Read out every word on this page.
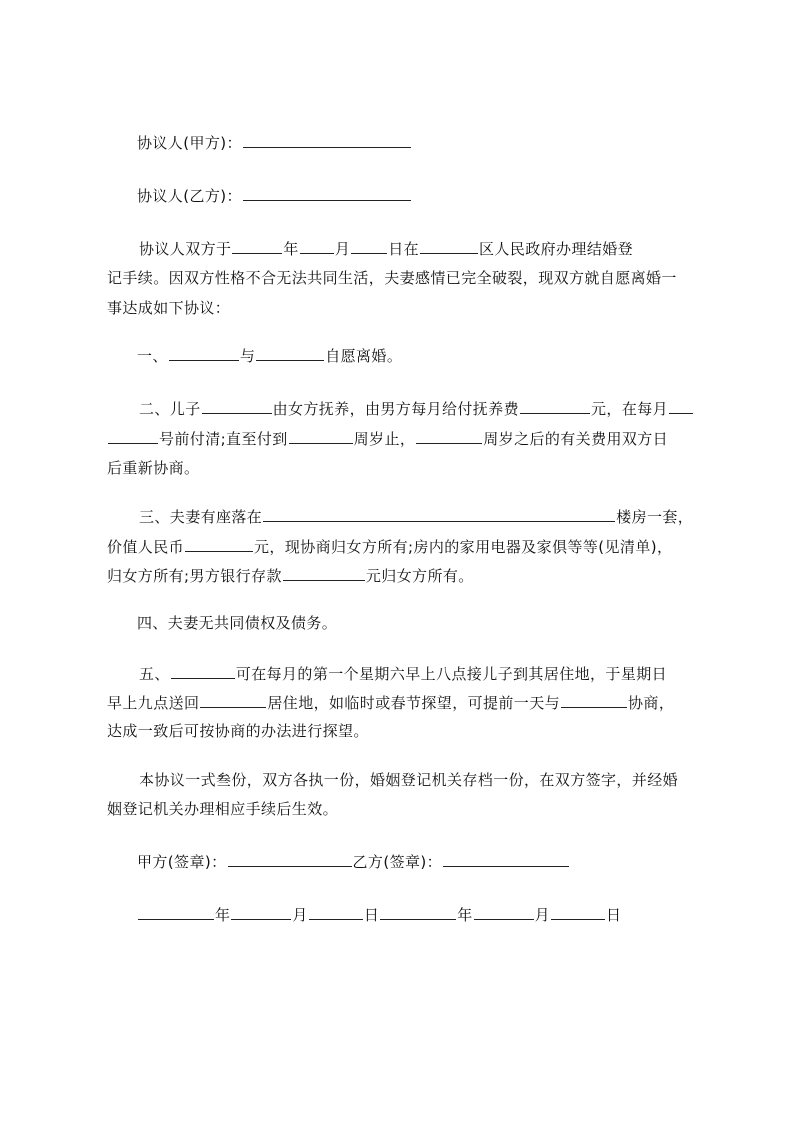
协议人(甲方)：
协议人(乙方)：
协议人双方于	年 月	日在	区人民政府办理结婚登
记手续。因双方性格不合无法共同生活，夫妻感情已完全破裂，现双方就自愿离婚一
事达成如下协议：
一、	与	自愿离婚。
二、儿子	由女方抚养，由男方每月给付抚养费	元，在每月
号前付清;直至付到	周岁止，	周岁之后的有关费用双方日
后重新协商。
三、夫妻有座落在	楼房一套，
价值人民币	元，现协商归女方所有;房内的家用电器及家俱等等(见清单)，
归女方所有;男方银行存款	元归女方所有。
四、夫妻无共同债权及债务。
五、	可在每月的第一个星期六早上八点接儿子到其居住地，于星期日
早上九点送回	居住地，如临时或春节探望，可提前一天与	协商，
达成一致后可按协商的办法进行探望。
本协议一式叁份，双方各执一份，婚姻登记机关存档一份，在双方签字，并经婚
姻登记机关办理相应手续后生效。
甲方(签章)：	乙方(签章)：
年	月	日	年	月	日
